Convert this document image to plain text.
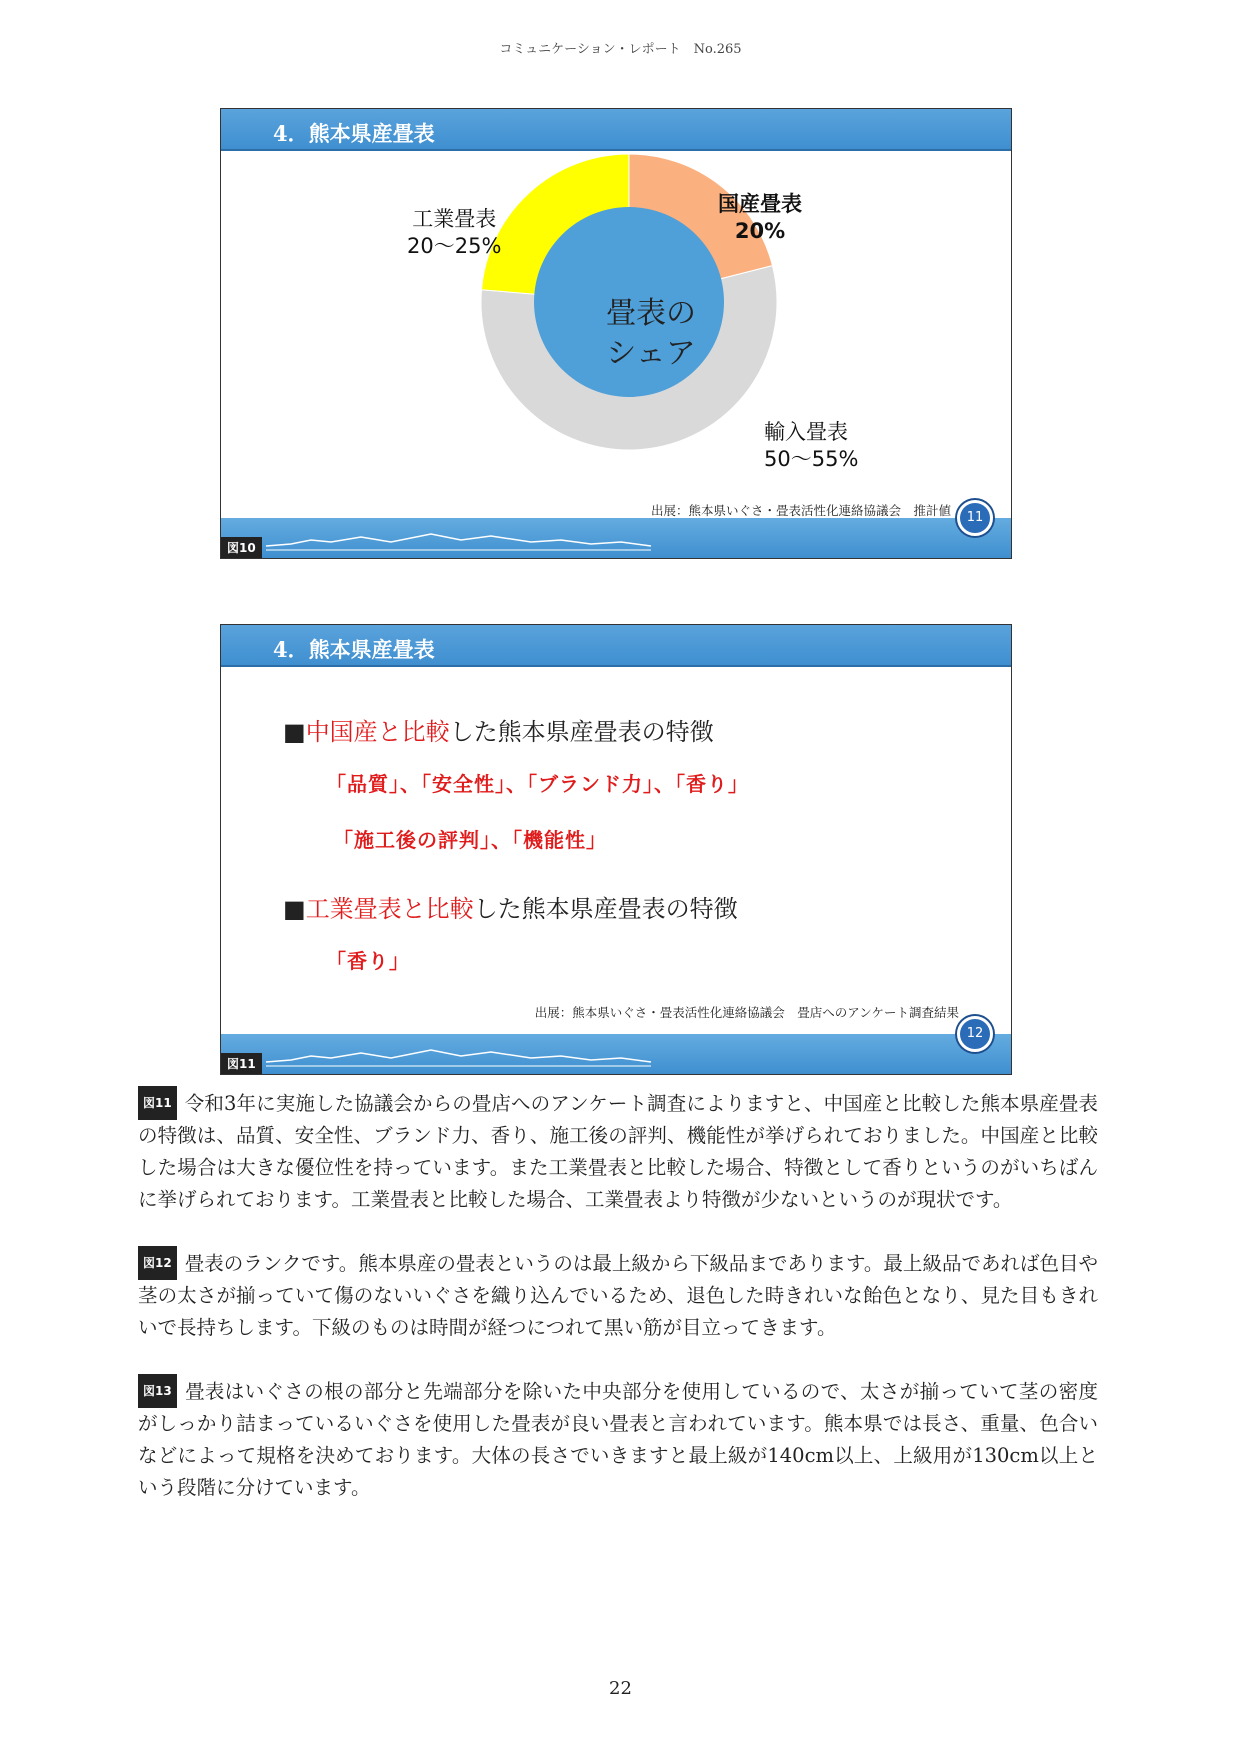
コミュニケーション・レポート　No.265
4．熊本県産畳表
畳表の
シェア
国産畳表
20%
輸入畳表
50～55%
工業畳表
20～25%
出展：熊本県いぐさ・畳表活性化連絡協議会　推計値
図10
11
4．熊本県産畳表
■中国産と比較した熊本県産畳表の特徴
「品質」、「安全性」、「ブランド力」、「香り」
「施工後の評判」、「機能性」
■工業畳表と比較した熊本県産畳表の特徴
「香り」
出展：熊本県いぐさ・畳表活性化連絡協議会　畳店へのアンケート調査結果
図11
12
図11 令和3年に実施した協議会からの畳店へのアンケート調査によりますと、中国産と比較した熊本県産畳表の特徴は、品質、安全性、ブランド力、香り、施工後の評判、機能性が挙げられておりました。中国産と比較した場合は大きな優位性を持っています。また工業畳表と比較した場合、特徴として香りというのがいちばんに挙げられております。工業畳表と比較した場合、工業畳表より特徴が少ないというのが現状です。
図12 畳表のランクです。熊本県産の畳表というのは最上級から下級品まであります。最上級品であれば色目や茎の太さが揃っていて傷のないいぐさを織り込んでいるため、退色した時きれいな飴色となり、見た目もきれいで長持ちします。下級のものは時間が経つにつれて黒い筋が目立ってきます。
図13 畳表はいぐさの根の部分と先端部分を除いた中央部分を使用しているので、太さが揃っていて茎の密度がしっかり詰まっているいぐさを使用した畳表が良い畳表と言われています。熊本県では長さ、重量、色合いなどによって規格を決めております。大体の長さでいきますと最上級が140cm以上、上級用が130cm以上という段階に分けています。
22
